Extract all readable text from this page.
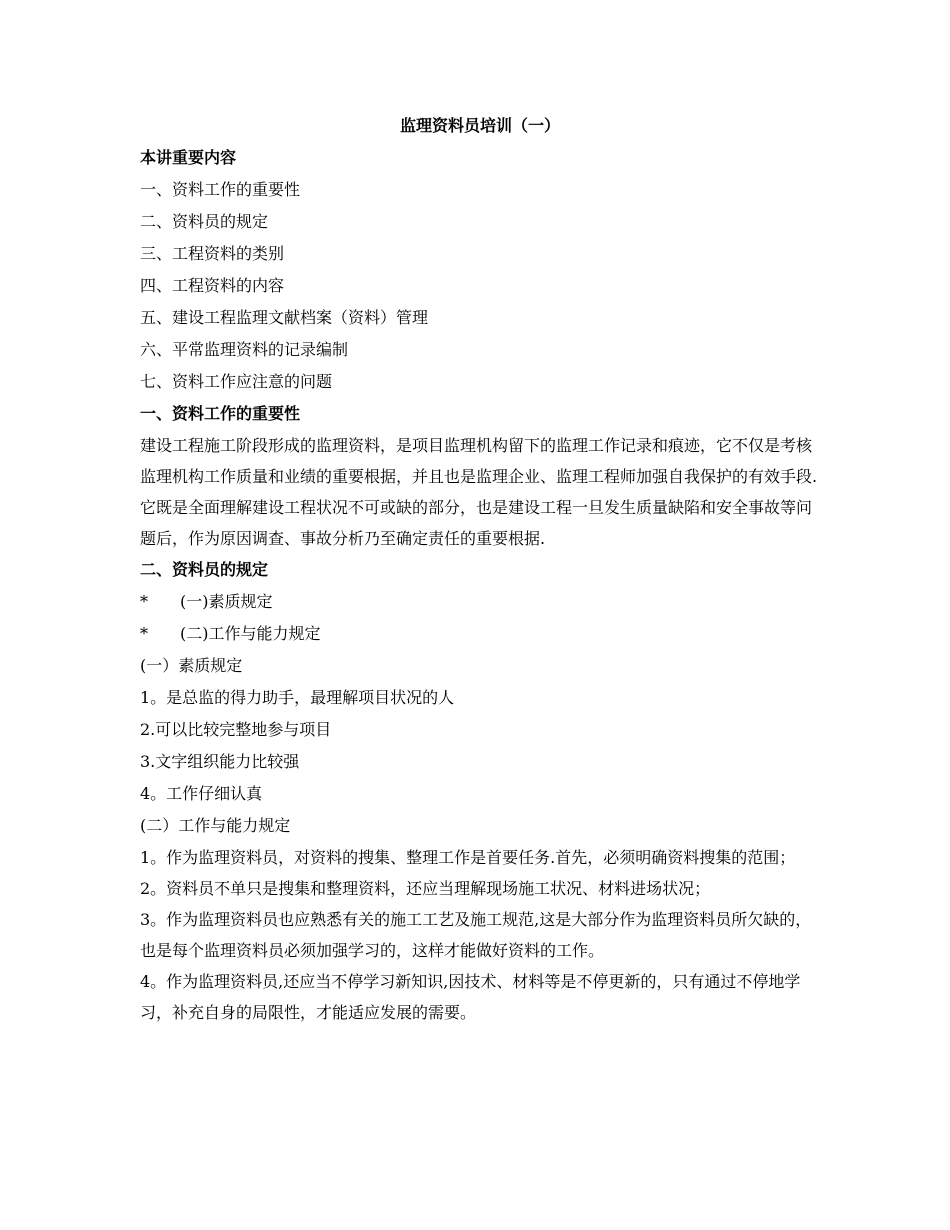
监理资料员培训（一）
本讲重要内容
一、资料工作的重要性
二、资料员的规定
三、工程资料的类别
四、工程资料的内容
五、建设工程监理文献档案（资料）管理
六、平常监理资料的记录编制
七、资料工作应注意的问题
一、资料工作的重要性

建设工程施工阶段形成的监理资料，是项目监理机构留下的监理工作记录和痕迹，它不仅是考核监理机构工作质量和业绩的重要根据，并且也是监理企业、监理工程师加强自我保护的有效手段.

它既是全面理解建设工程状况不可或缺的部分，也是建设工程一旦发生质量缺陷和安全事故等问题后，作为原因调查、事故分析乃至确定责任的重要根据.

二、资料员的规定
*	(一)素质规定
*	(二)工作与能力规定
(一）素质规定
1。是总监的得力助手，最理解项目状况的人
2.可以比较完整地参与项目
3.文字组织能力比较强
4。工作仔细认真
(二）工作与能力规定

1。作为监理资料员，对资料的搜集、整理工作是首要任务.首先，必须明确资料搜集的范围；

2。资料员不单只是搜集和整理资料，还应当理解现场施工状况、材料进场状况；

3。作为监理资料员也应熟悉有关的施工工艺及施工规范,这是大部分作为监理资料员所欠缺的，也是每个监理资料员必须加强学习的，这样才能做好资料的工作。

4。作为监理资料员,还应当不停学习新知识,因技术、材料等是不停更新的，只有通过不停地学习，补充自身的局限性，才能适应发展的需要。
